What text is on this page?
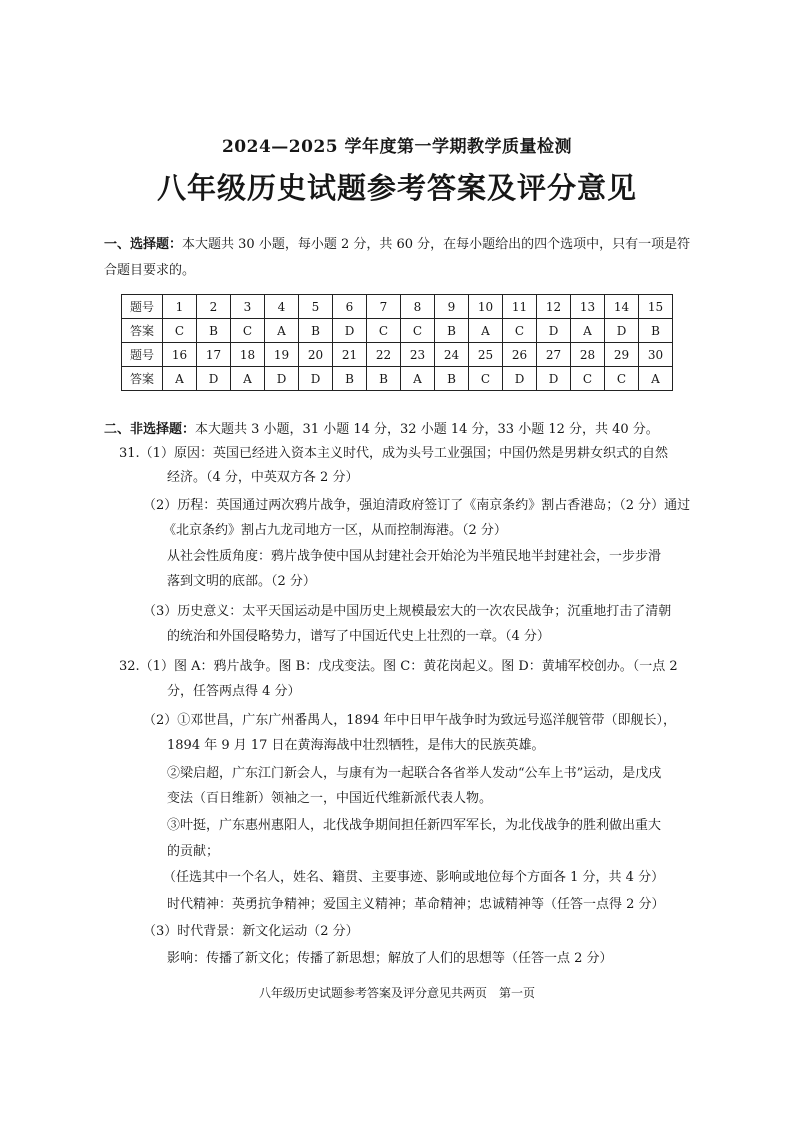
2024—2025 学年度第一学期教学质量检测
八年级历史试题参考答案及评分意见
一、选择题：本大题共 30 小题，每小题 2 分，共 60 分，在每小题给出的四个选项中，只有一项是符
合题目要求的。
题号	1	2	3	4	5	6	7	8	9	10	11	12	13	14	15
答案	C	B	C	A	B	D	C	C	B	A	C	D	A	D	B
题号	16	17	18	19	20	21	22	23	24	25	26	27	28	29	30
答案	A	D	A	D	D	B	B	A	B	C	D	D	C	C	A
二、非选择题：本大题共 3 小题，31 小题 14 分，32 小题 14 分，33 小题 12 分，共 40 分。
31.（1）原因：英国已经进入资本主义时代，成为头号工业强国；中国仍然是男耕女织式的自然
经济。（4 分，中英双方各 2 分）
（2）历程：英国通过两次鸦片战争，强迫清政府签订了《南京条约》割占香港岛；（2 分）通过
《北京条约》割占九龙司地方一区，从而控制海港。（2 分）
从社会性质角度：鸦片战争使中国从封建社会开始沦为半殖民地半封建社会，一步步滑
落到文明的底部。（2 分）
（3）历史意义：太平天国运动是中国历史上规模最宏大的一次农民战争；沉重地打击了清朝
的统治和外国侵略势力，谱写了中国近代史上壮烈的一章。（4 分）
32.（1）图 A：鸦片战争。图 B：戊戌变法。图 C：黄花岗起义。图 D：黄埔军校创办。（一点 2
分，任答两点得 4 分）
（2）①邓世昌，广东广州番禺人，1894 年中日甲午战争时为致远号巡洋舰管带（即舰长），
1894 年 9 月 17 日在黄海海战中壮烈牺牲，是伟大的民族英雄。
②梁启超，广东江门新会人，与康有为一起联合各省举人发动“公车上书”运动，是戊戌
变法（百日维新）领袖之一，中国近代维新派代表人物。
③叶挺，广东惠州惠阳人，北伐战争期间担任新四军军长，为北伐战争的胜利做出重大
的贡献；
（任选其中一个名人，姓名、籍贯、主要事迹、影响或地位每个方面各 1 分，共 4 分）
时代精神：英勇抗争精神；爱国主义精神；革命精神；忠诚精神等（任答一点得 2 分）
（3）时代背景：新文化运动（2 分）
影响：传播了新文化；传播了新思想；解放了人们的思想等（任答一点 2 分）
八年级历史试题参考答案及评分意见共两页　第一页
